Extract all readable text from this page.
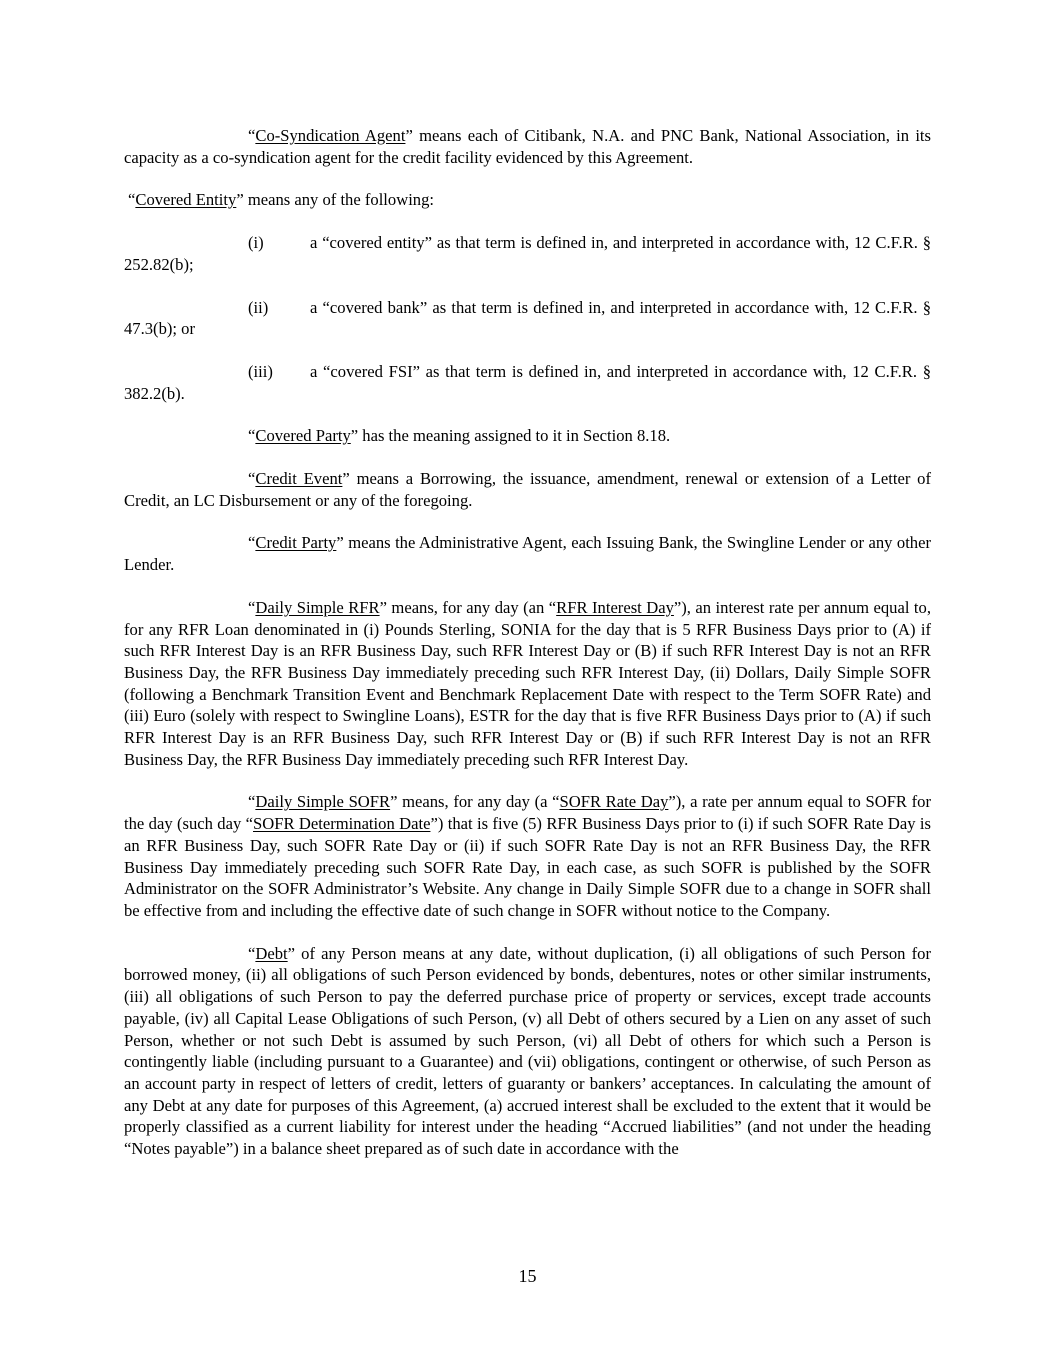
“Co-Syndication Agent” means each of Citibank, N.A. and PNC Bank, National Association, in its capacity as a co-syndication agent for the credit facility evidenced by this Agreement.

“Covered Entity” means any of the following:

(i)	a “covered entity” as that term is defined in, and interpreted in accordance with, 12 C.F.R. § 252.82(b);

(ii)	a “covered bank” as that term is defined in, and interpreted in accordance with, 12 C.F.R. § 47.3(b); or

(iii) a “covered FSI” as that term is defined in, and interpreted in accordance with, 12 C.F.R. § 382.2(b).

“Covered Party” has the meaning assigned to it in Section 8.18.

“Credit Event” means a Borrowing, the issuance, amendment, renewal or extension of a Letter of Credit, an LC Disbursement or any of the foregoing.

“Credit Party” means the Administrative Agent, each Issuing Bank, the Swingline Lender or any other Lender.

“Daily Simple RFR” means, for any day (an “RFR Interest Day”), an interest rate per annum equal to, for any RFR Loan denominated in (i) Pounds Sterling, SONIA for the day that is 5 RFR Business Days prior to (A) if such RFR Interest Day is an RFR Business Day, such RFR Interest Day or (B) if such RFR Interest Day is not an RFR Business Day, the RFR Business Day immediately preceding such RFR Interest Day, (ii) Dollars, Daily Simple SOFR (following a Benchmark Transition Event and Benchmark Replacement Date with respect to the Term SOFR Rate) and (iii) Euro (solely with respect to Swingline Loans), ESTR for the day that is five RFR Business Days prior to (A) if such RFR Interest Day is an RFR Business Day, such RFR Interest Day or (B) if such RFR Interest Day is not an RFR Business Day, the RFR Business Day immediately preceding such RFR Interest Day.

“Daily Simple SOFR” means, for any day (a “SOFR Rate Day”), a rate per annum equal to SOFR for the day (such day “SOFR Determination Date”) that is five (5) RFR Business Days prior to (i) if such SOFR Rate Day is an RFR Business Day, such SOFR Rate Day or (ii) if such SOFR Rate Day is not an RFR Business Day, the RFR Business Day immediately preceding such SOFR Rate Day, in each case, as such SOFR is published by the SOFR Administrator on the SOFR Administrator’s Website. Any change in Daily Simple SOFR due to a change in SOFR shall be effective from and including the effective date of such change in SOFR without notice to the Company.

“Debt” of any Person means at any date, without duplication, (i) all obligations of such Person for borrowed money, (ii) all obligations of such Person evidenced by bonds, debentures, notes or other similar instruments, (iii) all obligations of such Person to pay the deferred purchase price of property or services, except trade accounts payable, (iv) all Capital Lease Obligations of such Person, (v) all Debt of others secured by a Lien on any asset of such Person, whether or not such Debt is assumed by such Person, (vi) all Debt of others for which such a Person is contingently liable (including pursuant to a Guarantee) and (vii) obligations, contingent or otherwise, of such Person as an account party in respect of letters of credit, letters of guaranty or bankers’ acceptances. In calculating the amount of any Debt at any date for purposes of this Agreement, (a) accrued interest shall be excluded to the extent that it would be properly classified as a current liability for interest under the heading “Accrued liabilities” (and not under the heading “Notes payable”) in a balance sheet prepared as of such date in accordance with the

15
